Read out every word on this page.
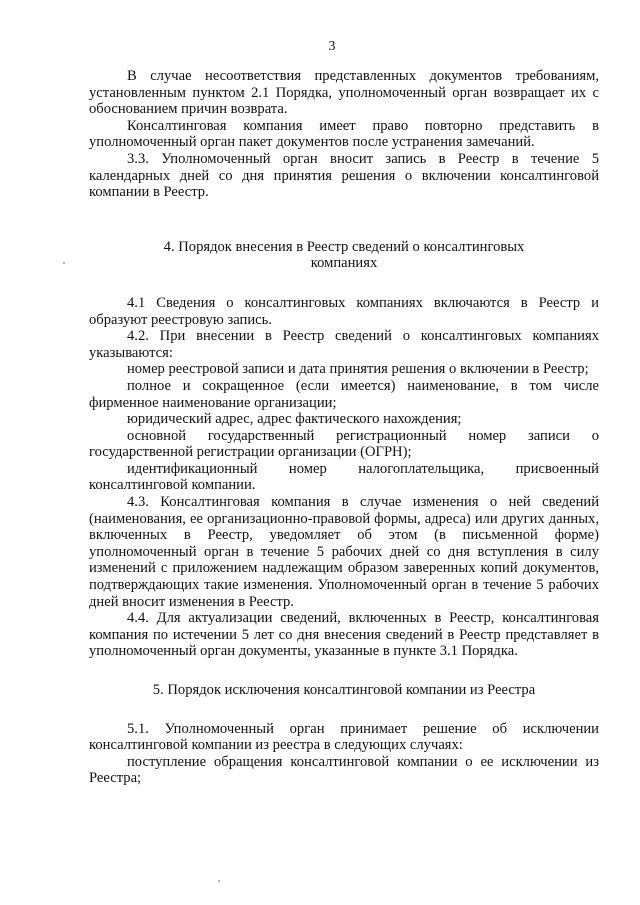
3

В случае несоответствия представленных документов требованиям, установленным пунктом 2.1 Порядка, уполномоченный орган возвращает их с обоснованием причин возврата.

Консалтинговая компания имеет право повторно представить в уполномоченный орган пакет документов после устранения замечаний.

3.3. Уполномоченный орган вносит запись в Реестр в течение 5 календарных дней со дня принятия решения о включении консалтинговой компании в Реестр.

4. Порядок внесения в Реестр сведений о консалтинговых компаниях

4.1 Сведения о консалтинговых компаниях включаются в Реестр и образуют реестровую запись.

4.2. При внесении в Реестр сведений о консалтинговых компаниях указываются:

номер реестровой записи и дата принятия решения о включении в Реестр;

полное и сокращенное (если имеется) наименование, в том числе фирменное наименование организации;

юридический адрес, адрес фактического нахождения;

основной государственный регистрационный номер записи о государственной регистрации организации (ОГРН);

идентификационный номер налогоплательщика, присвоенный консалтинговой компании.

4.3. Консалтинговая компания в случае изменения о ней сведений (наименования, ее организационно-правовой формы, адреса) или других данных, включенных в Реестр, уведомляет об этом (в письменной форме) уполномоченный орган в течение 5 рабочих дней со дня вступления в силу изменений с приложением надлежащим образом заверенных копий документов, подтверждающих такие изменения. Уполномоченный орган в течение 5 рабочих дней вносит изменения в Реестр.

4.4. Для актуализации сведений, включенных в Реестр, консалтинговая компания по истечении 5 лет со дня внесения сведений в Реестр представляет в уполномоченный орган документы, указанные в пункте 3.1 Порядка.

5. Порядок исключения консалтинговой компании из Реестра

5.1. Уполномоченный орган принимает решение об исключении консалтинговой компании из реестра в следующих случаях:

поступление обращения консалтинговой компании о ее исключении из Реестра;
